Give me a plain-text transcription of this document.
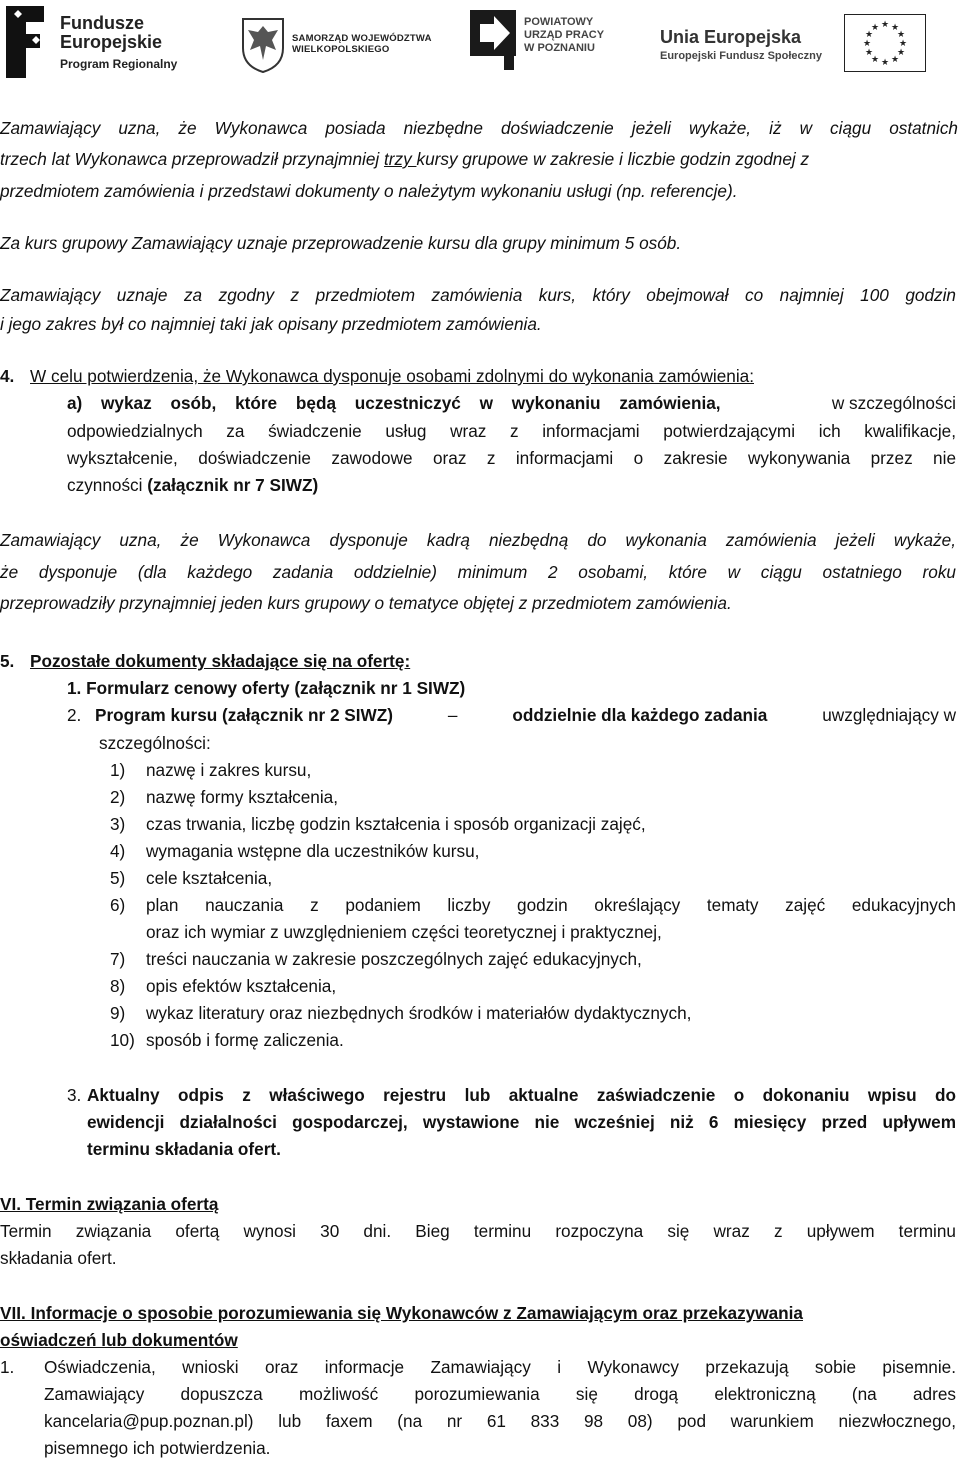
Fundusze
Europejskie
Program Regionalny
SAMORZĄD WOJEWÓDZTWA
WIELKOPOLSKIEGO
POWIATOWY
URZĄD PRACY
W POZNANIU
Unia Europejska
Europejski Fundusz Społeczny
★ ★
★
★
★
★
★
★
★
★
★
★
Zamawiający uzna, że Wykonawca posiada niezbędne doświadczenie jeżeli wykaże, iż w ciągu ostatnich
trzech lat Wykonawca przeprowadził przynajmniej trzy kursy grupowe w zakresie i liczbie godzin zgodnej z
przedmiotem zamówienia i przedstawi dokumenty o należytym wykonaniu usługi (np. referencje).
Za kurs grupowy Zamawiający uznaje przeprowadzenie kursu dla grupy minimum 5 osób.
Zamawiający uznaje za zgodny z przedmiotem zamówienia kurs, który obejmował co najmniej 100 godzin
i jego zakres był co najmniej taki jak opisany przedmiotem zamówienia.
4. W celu potwierdzenia, że Wykonawca dysponuje osobami zdolnymi do wykonania zamówienia:
a) wykaz osób, które będą uczestniczyć w wykonaniu zamówienia,	w szczególności
odpowiedzialnych za świadczenie usług wraz z informacjami potwierdzającymi ich kwalifikacje,
wykształcenie, doświadczenie zawodowe oraz z informacjami o zakresie wykonywania przez nie
czynności (załącznik nr 7 SIWZ)
Zamawiający uzna, że Wykonawca dysponuje kadrą niezbędną do wykonania zamówienia jeżeli wykaże,
że dysponuje (dla każdego zadania oddzielnie) minimum 2 osobami, które w ciągu ostatniego roku
przeprowadziły przynajmniej jeden kurs grupowy o tematyce objętej z przedmiotem zamówienia.
5. Pozostałe dokumenty składające się na ofertę:
1. Formularz cenowy oferty (załącznik nr 1 SIWZ)
2. Program kursu (załącznik nr 2 SIWZ)	–	oddzielnie dla każdego zadania	uwzględniający w
szczególności:
1) nazwę i zakres kursu,
2) nazwę formy kształcenia,
3) czas trwania, liczbę godzin kształcenia i sposób organizacji zajęć,
4) wymagania wstępne dla uczestników kursu,
5) cele kształcenia,
6) plan nauczania z podaniem liczby godzin określający tematy zajęć edukacyjnych
oraz ich wymiar z uwzględnieniem części teoretycznej i praktycznej,
7) treści nauczania w zakresie poszczególnych zajęć edukacyjnych,
8) opis efektów kształcenia,
9) wykaz literatury oraz niezbędnych środków i materiałów dydaktycznych,
10) sposób i formę zaliczenia.
3. Aktualny odpis z właściwego rejestru lub aktualne zaświadczenie o dokonaniu wpisu do
ewidencji działalności gospodarczej, wystawione nie wcześniej niż 6 miesięcy przed upływem
terminu składania ofert.
VI. Termin związania ofertą
Termin związania ofertą wynosi 30 dni. Bieg terminu rozpoczyna się wraz z upływem terminu
składania ofert.
VII. Informacje o sposobie porozumiewania się Wykonawców z Zamawiającym oraz przekazywania
oświadczeń lub dokumentów
1. Oświadczenia, wnioski oraz informacje Zamawiający i Wykonawcy przekazują sobie pisemnie.
Zamawiający dopuszcza możliwość porozumiewania się drogą elektroniczną (na adres
kancelaria@pup.poznan.pl) lub faxem (na nr 61 833 98 08) pod warunkiem niezwłocznego,
pisemnego ich potwierdzenia.
